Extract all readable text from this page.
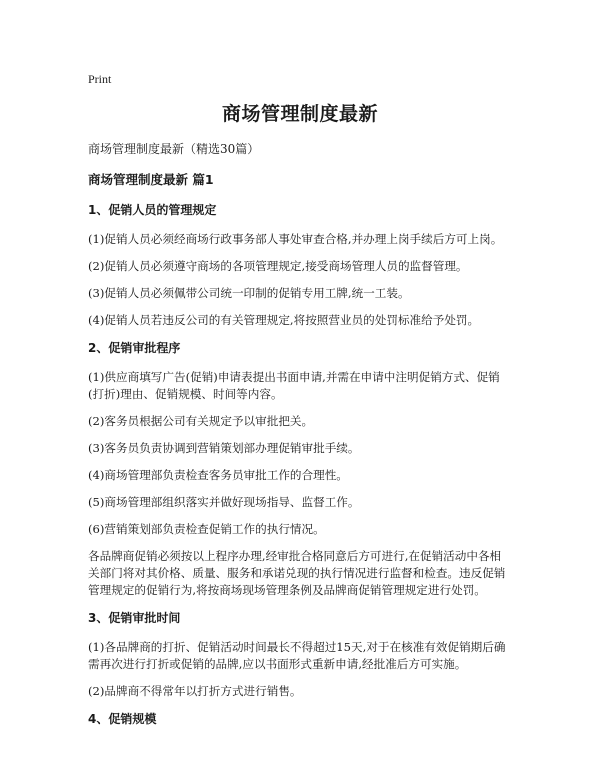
Print
商场管理制度最新

商场管理制度最新（精选30篇）

商场管理制度最新 篇1

1、促销人员的管理规定

(1)促销人员必须经商场行政事务部人事处审查合格,并办理上岗手续后方可上岗。

(2)促销人员必须遵守商场的各项管理规定,接受商场管理人员的监督管理。

(3)促销人员必须佩带公司统一印制的促销专用工牌,统一工装。

(4)促销人员若违反公司的有关管理规定,将按照营业员的处罚标准给予处罚。

2、促销审批程序

(1)供应商填写广告(促销)申请表提出书面申请,并需在申请中注明促销方式、促销(打折)理由、促销规模、时间等内容。

(2)客务员根据公司有关规定予以审批把关。

(3)客务员负责协调到营销策划部办理促销审批手续。

(4)商场管理部负责检查客务员审批工作的合理性。

(5)商场管理部组织落实并做好现场指导、监督工作。

(6)营销策划部负责检查促销工作的执行情况。

各品牌商促销必须按以上程序办理,经审批合格同意后方可进行,在促销活动中各相关部门将对其价格、质量、服务和承诺兑现的执行情况进行监督和检查。违反促销管理规定的促销行为,将按商场现场管理条例及品牌商促销管理规定进行处罚。

3、促销审批时间

(1)各品牌商的打折、促销活动时间最长不得超过15天,对于在核准有效促销期后确需再次进行打折或促销的品牌,应以书面形式重新申请,经批准后方可实施。

(2)品牌商不得常年以打折方式进行销售。

4、促销规模
